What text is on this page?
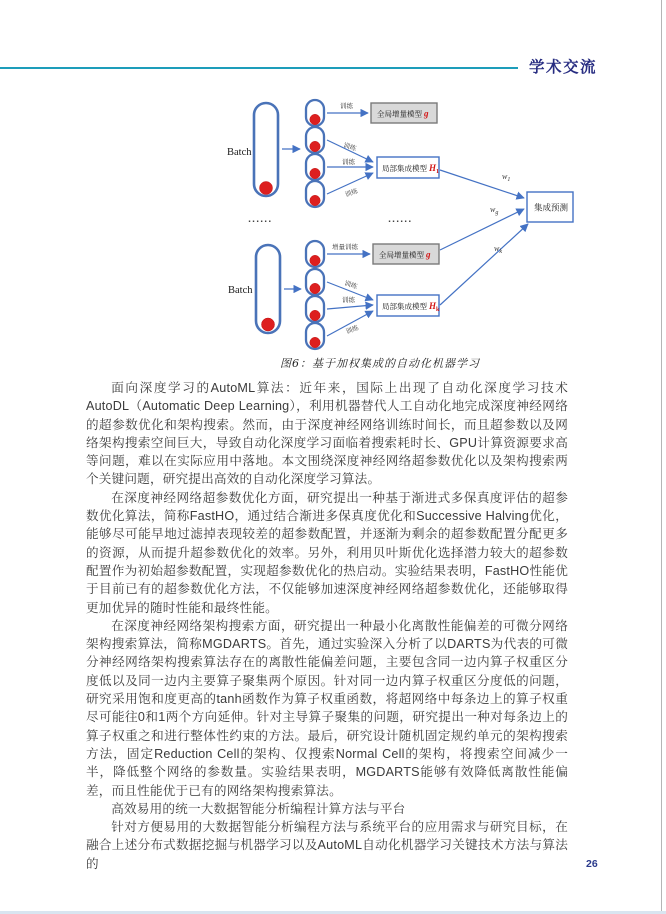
学术交流
Batch
训练
全局增量模型 g
训练
训练
训练
局部集成模型 $H_1$
······	······
Batch
增量训练
全局增量模型 g
训练
训练
训练
局部集成模型 $H_k$
$w_1$
$w_g$
$w_k$
集成预测
图6：基于加权集成的自动化机器学习

面向深度学习的AutoML算法：近年来，国际上出现了自动化深度学习技术AutoDL（Automatic Deep Learning），利用机器替代人工自动化地完成深度神经网络的超参数优化和架构搜索。然而，由于深度神经网络训练时间长，而且超参数以及网络架构搜索空间巨大，导致自动化深度学习面临着搜索耗时长、GPU计算资源要求高等问题，难以在实际应用中落地。本文围绕深度神经网络超参数优化以及架构搜索两个关键问题，研究提出高效的自动化深度学习算法。

在深度神经网络超参数优化方面，研究提出一种基于渐进式多保真度评估的超参数优化算法，简称FastHO，通过结合渐进多保真度优化和Successive Halving优化，能够尽可能早地过滤掉表现较差的超参数配置，并逐渐为剩余的超参数配置分配更多的资源，从而提升超参数优化的效率。另外，利用贝叶斯优化选择潜力较大的超参数配置作为初始超参数配置，实现超参数优化的热启动。实验结果表明，FastHO性能优于目前已有的超参数优化方法，不仅能够加速深度神经网络超参数优化，还能够取得更加优异的随时性能和最终性能。

在深度神经网络架构搜索方面，研究提出一种最小化离散性能偏差的可微分网络架构搜索算法，简称MGDARTS。首先，通过实验深入分析了以DARTS为代表的可微分神经网络架构搜索算法存在的离散性能偏差问题，主要包含同一边内算子权重区分度低以及同一边内主要算子聚集两个原因。针对同一边内算子权重区分度低的问题，研究采用饱和度更高的tanh函数作为算子权重函数，将超网络中每条边上的算子权重尽可能往0和1两个方向延伸。针对主导算子聚集的问题，研究提出一种对每条边上的算子权重之和进行整体性约束的方法。最后，研究设计随机固定规约单元的架构搜索方法，固定Reduction Cell的架构、仅搜索Normal Cell的架构，将搜索空间减少一半，降低整个网络的参数量。实验结果表明，MGDARTS能够有效降低离散性能偏差，而且性能优于已有的网络架构搜索算法。

高效易用的统一大数据智能分析编程计算方法与平台

针对方便易用的大数据智能分析编程方法与系统平台的应用需求与研究目标，在融合上述分布式数据挖掘与机器学习以及AutoML自动化机器学习关键技术方法与算法的	26
